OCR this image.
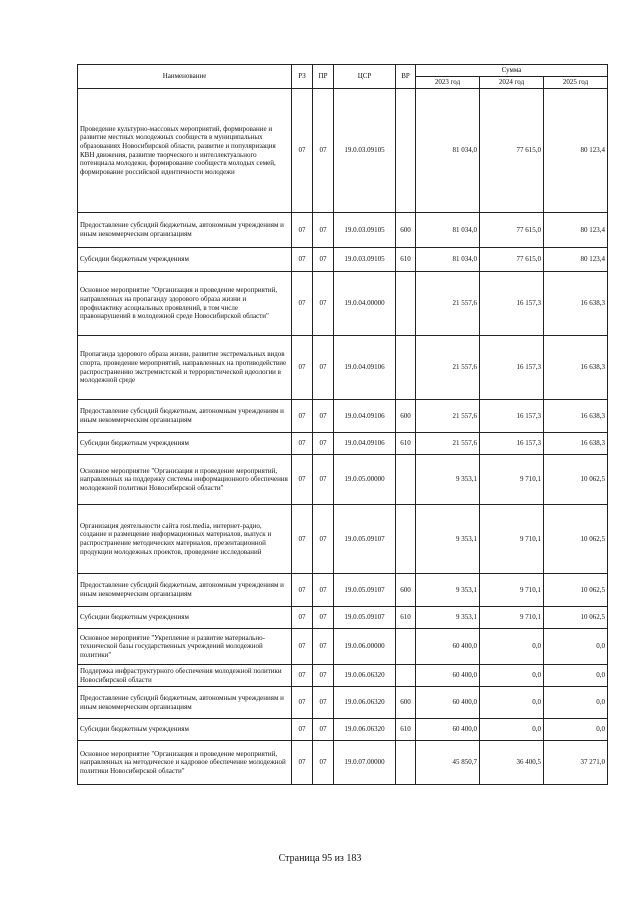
Наименование	РЗ	ПР	ЦСР	ВР	Сумма		
					2023 год	2024 год	2025 год
Проведение культурно-массовых мероприятий, формирование и развитие местных молодежных сообществ в муниципальных образованиях Новосибирской области, развитие и популяризация КВН движения, развитие творческого и интеллектуального потенциала молодежи, формирование сообществ молодых семей, формирование российской идентичности молодежи	07	07	19.0.03.09105		81 034,0	77 615,0	80 123,4
Предоставление субсидий бюджетным, автономным учреждениям и иным некоммерческим организациям	07	07	19.0.03.09105	600	81 034,0	77 615,0	80 123,4
Субсидии бюджетным учреждениям	07	07	19.0.03.09105	610	81 034,0	77 615,0	80 123,4
Основное мероприятие "Организация и проведение мероприятий, направленных на пропаганду здорового образа жизни и профилактику асоциальных проявлений, в том числе правонарушений в молодежной среде Новосибирской области"	07	07	19.0.04.00000		21 557,6	16 157,3	16 638,3
Пропаганда здорового образа жизни, развитие экстремальных видов спорта, проведение мероприятий, направленных на противодействие распространению экстремистской и террористической идеологии в молодежной среде	07	07	19.0.04.09106		21 557,6	16 157,3	16 638,3
Предоставление субсидий бюджетным, автономным учреждениям и иным некоммерческим организациям	07	07	19.0.04.09106	600	21 557,6	16 157,3	16 638,3
Субсидии бюджетным учреждениям	07	07	19.0.04.09106	610	21 557,6	16 157,3	16 638,3
Основное мероприятие "Организация и проведение мероприятий, направленных на поддержку системы информационного обеспечения молодежной политики Новосибирской области"	07	07	19.0.05.00000		9 353,1	9 710,1	10 062,5
Организация деятельности сайта rost.media, интернет-радио, создание и размещение информационных материалов, выпуск и распространение методических материалов, презентационной продукции молодежных проектов, проведение исследований	07	07	19.0.05.09107		9 353,1	9 710,1	10 062,5
Предоставление субсидий бюджетным, автономным учреждениям и иным некоммерческим организациям	07	07	19.0.05.09107	600	9 353,1	9 710,1	10 062,5
Субсидии бюджетным учреждениям	07	07	19.0.05.09107	610	9 353,1	9 710,1	10 062,5
Основное мероприятие "Укрепление и развитие материально-технической базы государственных учреждений молодежной политики"	07	07	19.0.06.00000		60 400,0	0,0	0,0
Поддержка инфраструктурного обеспечения молодежной политики Новосибирской области	07	07	19.0.06.06320		60 400,0	0,0	0,0
Предоставление субсидий бюджетным, автономным учреждениям и иным некоммерческим организациям	07	07	19.0.06.06320	600	60 400,0	0,0	0,0
Субсидии бюджетным учреждениям	07	07	19.0.06.06320	610	60 400,0	0,0	0,0
Основное мероприятие "Организация и проведение мероприятий, направленных на методическое и кадровое обеспечение молодежной политики Новосибирской области"	07	07	19.0.07.00000		45 850,7	36 400,5	37 271,0
Страница 95 из 183
